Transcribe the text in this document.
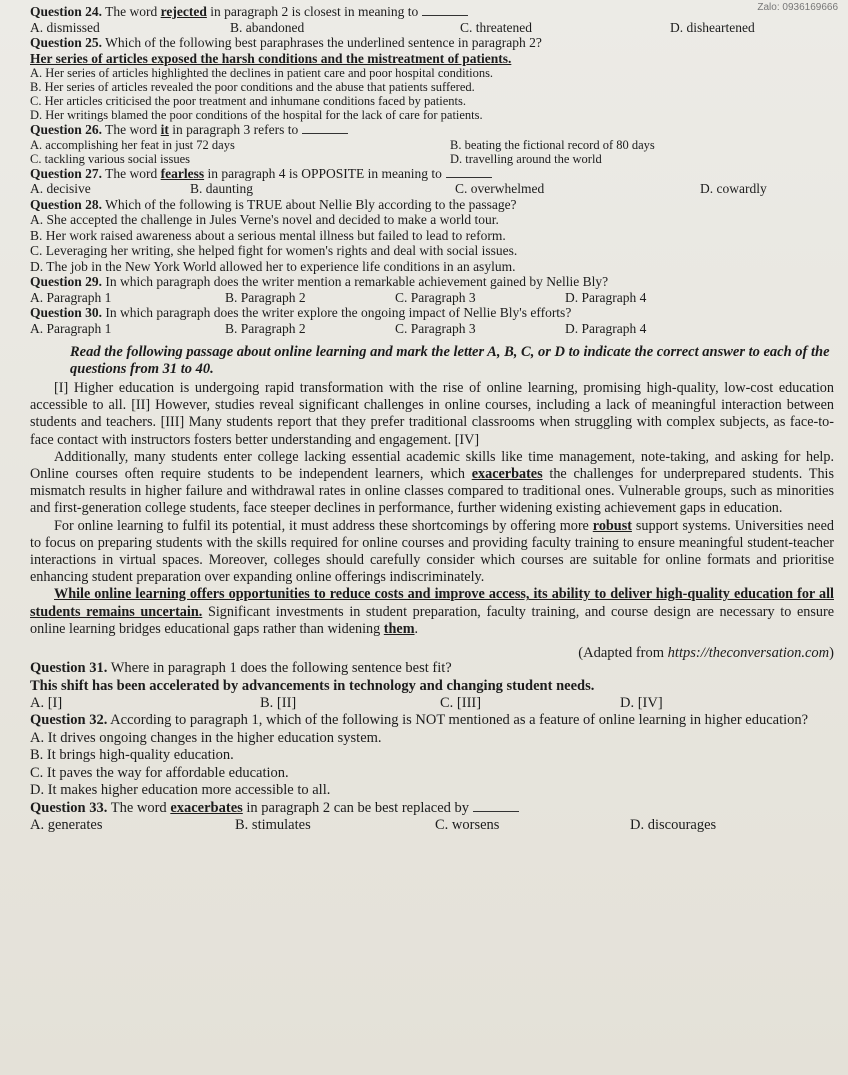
Zalo: 0936169666
Question 24. The word rejected in paragraph 2 is closest in meaning to
A. dismissed	B. abandoned	C. threatened	D. disheartened
Question 25. Which of the following best paraphrases the underlined sentence in paragraph 2?
Her series of articles exposed the harsh conditions and the mistreatment of patients.
A. Her series of articles highlighted the declines in patient care and poor hospital conditions.
B. Her series of articles revealed the poor conditions and the abuse that patients suffered.
C. Her articles criticised the poor treatment and inhumane conditions faced by patients.
D. Her writings blamed the poor conditions of the hospital for the lack of care for patients.
Question 26. The word it in paragraph 3 refers to
A. accomplishing her feat in just 72 days	B. beating the fictional record of 80 days
C. tackling various social issues	D. travelling around the world
Question 27. The word fearless in paragraph 4 is OPPOSITE in meaning to
A. decisive	B. daunting	C. overwhelmed	D. cowardly
Question 28. Which of the following is TRUE about Nellie Bly according to the passage?
A. She accepted the challenge in Jules Verne's novel and decided to make a world tour.
B. Her work raised awareness about a serious mental illness but failed to lead to reform.
C. Leveraging her writing, she helped fight for women's rights and deal with social issues.
D. The job in the New York World allowed her to experience life conditions in an asylum.
Question 29. In which paragraph does the writer mention a remarkable achievement gained by Nellie Bly?
A. Paragraph 1	B. Paragraph 2	C. Paragraph 3	D. Paragraph 4
Question 30. In which paragraph does the writer explore the ongoing impact of Nellie Bly's efforts?
A. Paragraph 1	B. Paragraph 2	C. Paragraph 3	D. Paragraph 4
Read the following passage about online learning and mark the letter A, B, C, or D to indicate the correct answer to each of the questions from 31 to 40.

[I] Higher education is undergoing rapid transformation with the rise of online learning, promising high-quality, low-cost education accessible to all. [II] However, studies reveal significant challenges in online courses, including a lack of meaningful interaction between students and teachers. [III] Many students report that they prefer traditional classrooms when struggling with complex subjects, as face-to-face contact with instructors fosters better understanding and engagement. [IV]

Additionally, many students enter college lacking essential academic skills like time management, note-taking, and asking for help. Online courses often require students to be independent learners, which exacerbates the challenges for underprepared students. This mismatch results in higher failure and withdrawal rates in online classes compared to traditional ones. Vulnerable groups, such as minorities and first-generation college students, face steeper declines in performance, further widening existing achievement gaps in education.

For online learning to fulfil its potential, it must address these shortcomings by offering more robust support systems. Universities need to focus on preparing students with the skills required for online courses and providing faculty training to ensure meaningful student-teacher interactions in virtual spaces. Moreover, colleges should carefully consider which courses are suitable for online formats and prioritise enhancing student preparation over expanding online offerings indiscriminately.

While online learning offers opportunities to reduce costs and improve access, its ability to deliver high-quality education for all students remains uncertain. Significant investments in student preparation, faculty training, and course design are necessary to ensure online learning bridges educational gaps rather than widening them.

(Adapted from https://theconversation.com)
Question 31. Where in paragraph 1 does the following sentence best fit?
This shift has been accelerated by advancements in technology and changing student needs.
A. [I]	B. [II]	C. [III]	D. [IV]
Question 32. According to paragraph 1, which of the following is NOT mentioned as a feature of online learning in higher education?
A. It drives ongoing changes in the higher education system.
B. It brings high-quality education.
C. It paves the way for affordable education.
D. It makes higher education more accessible to all.
Question 33. The word exacerbates in paragraph 2 can be best replaced by
A. generates	B. stimulates	C. worsens	D. discourages
